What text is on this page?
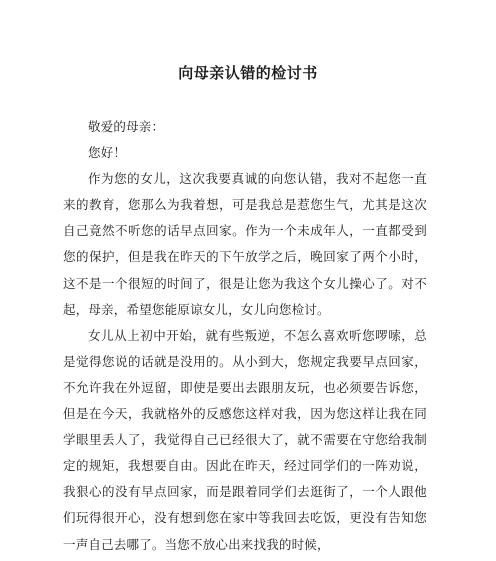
向母亲认错的检讨书

敬爱的母亲：

您好！

作为您的女儿，这次我要真诚的向您认错，我对不起您一直来的教育，您那么为我着想，可是我总是惹您生气，尤其是这次自己竟然不听您的话早点回家。作为一个未成年人，一直都受到您的保护，但是我在昨天的下午放学之后，晚回家了两个小时，这不是一个很短的时间了，很是让您为我这个女儿操心了。对不起，母亲，希望您能原谅女儿，女儿向您检讨。

女儿从上初中开始，就有些叛逆，不怎么喜欢听您啰嗦，总是觉得您说的话就是没用的。从小到大，您规定我要早点回家，不允许我在外逗留，即使是要出去跟朋友玩，也必须要告诉您，但是在今天，我就格外的反感您这样对我，因为您这样让我在同学眼里丢人了，我觉得自己已经很大了，就不需要在守您给我制定的规矩，我想要自由。因此在昨天，经过同学们的一阵劝说，我狠心的没有早点回家，而是跟着同学们去逛街了，一个人跟他们玩得很开心，没有想到您在家中等我回去吃饭，更没有告知您一声自己去哪了。当您不放心出来找我的时候，
